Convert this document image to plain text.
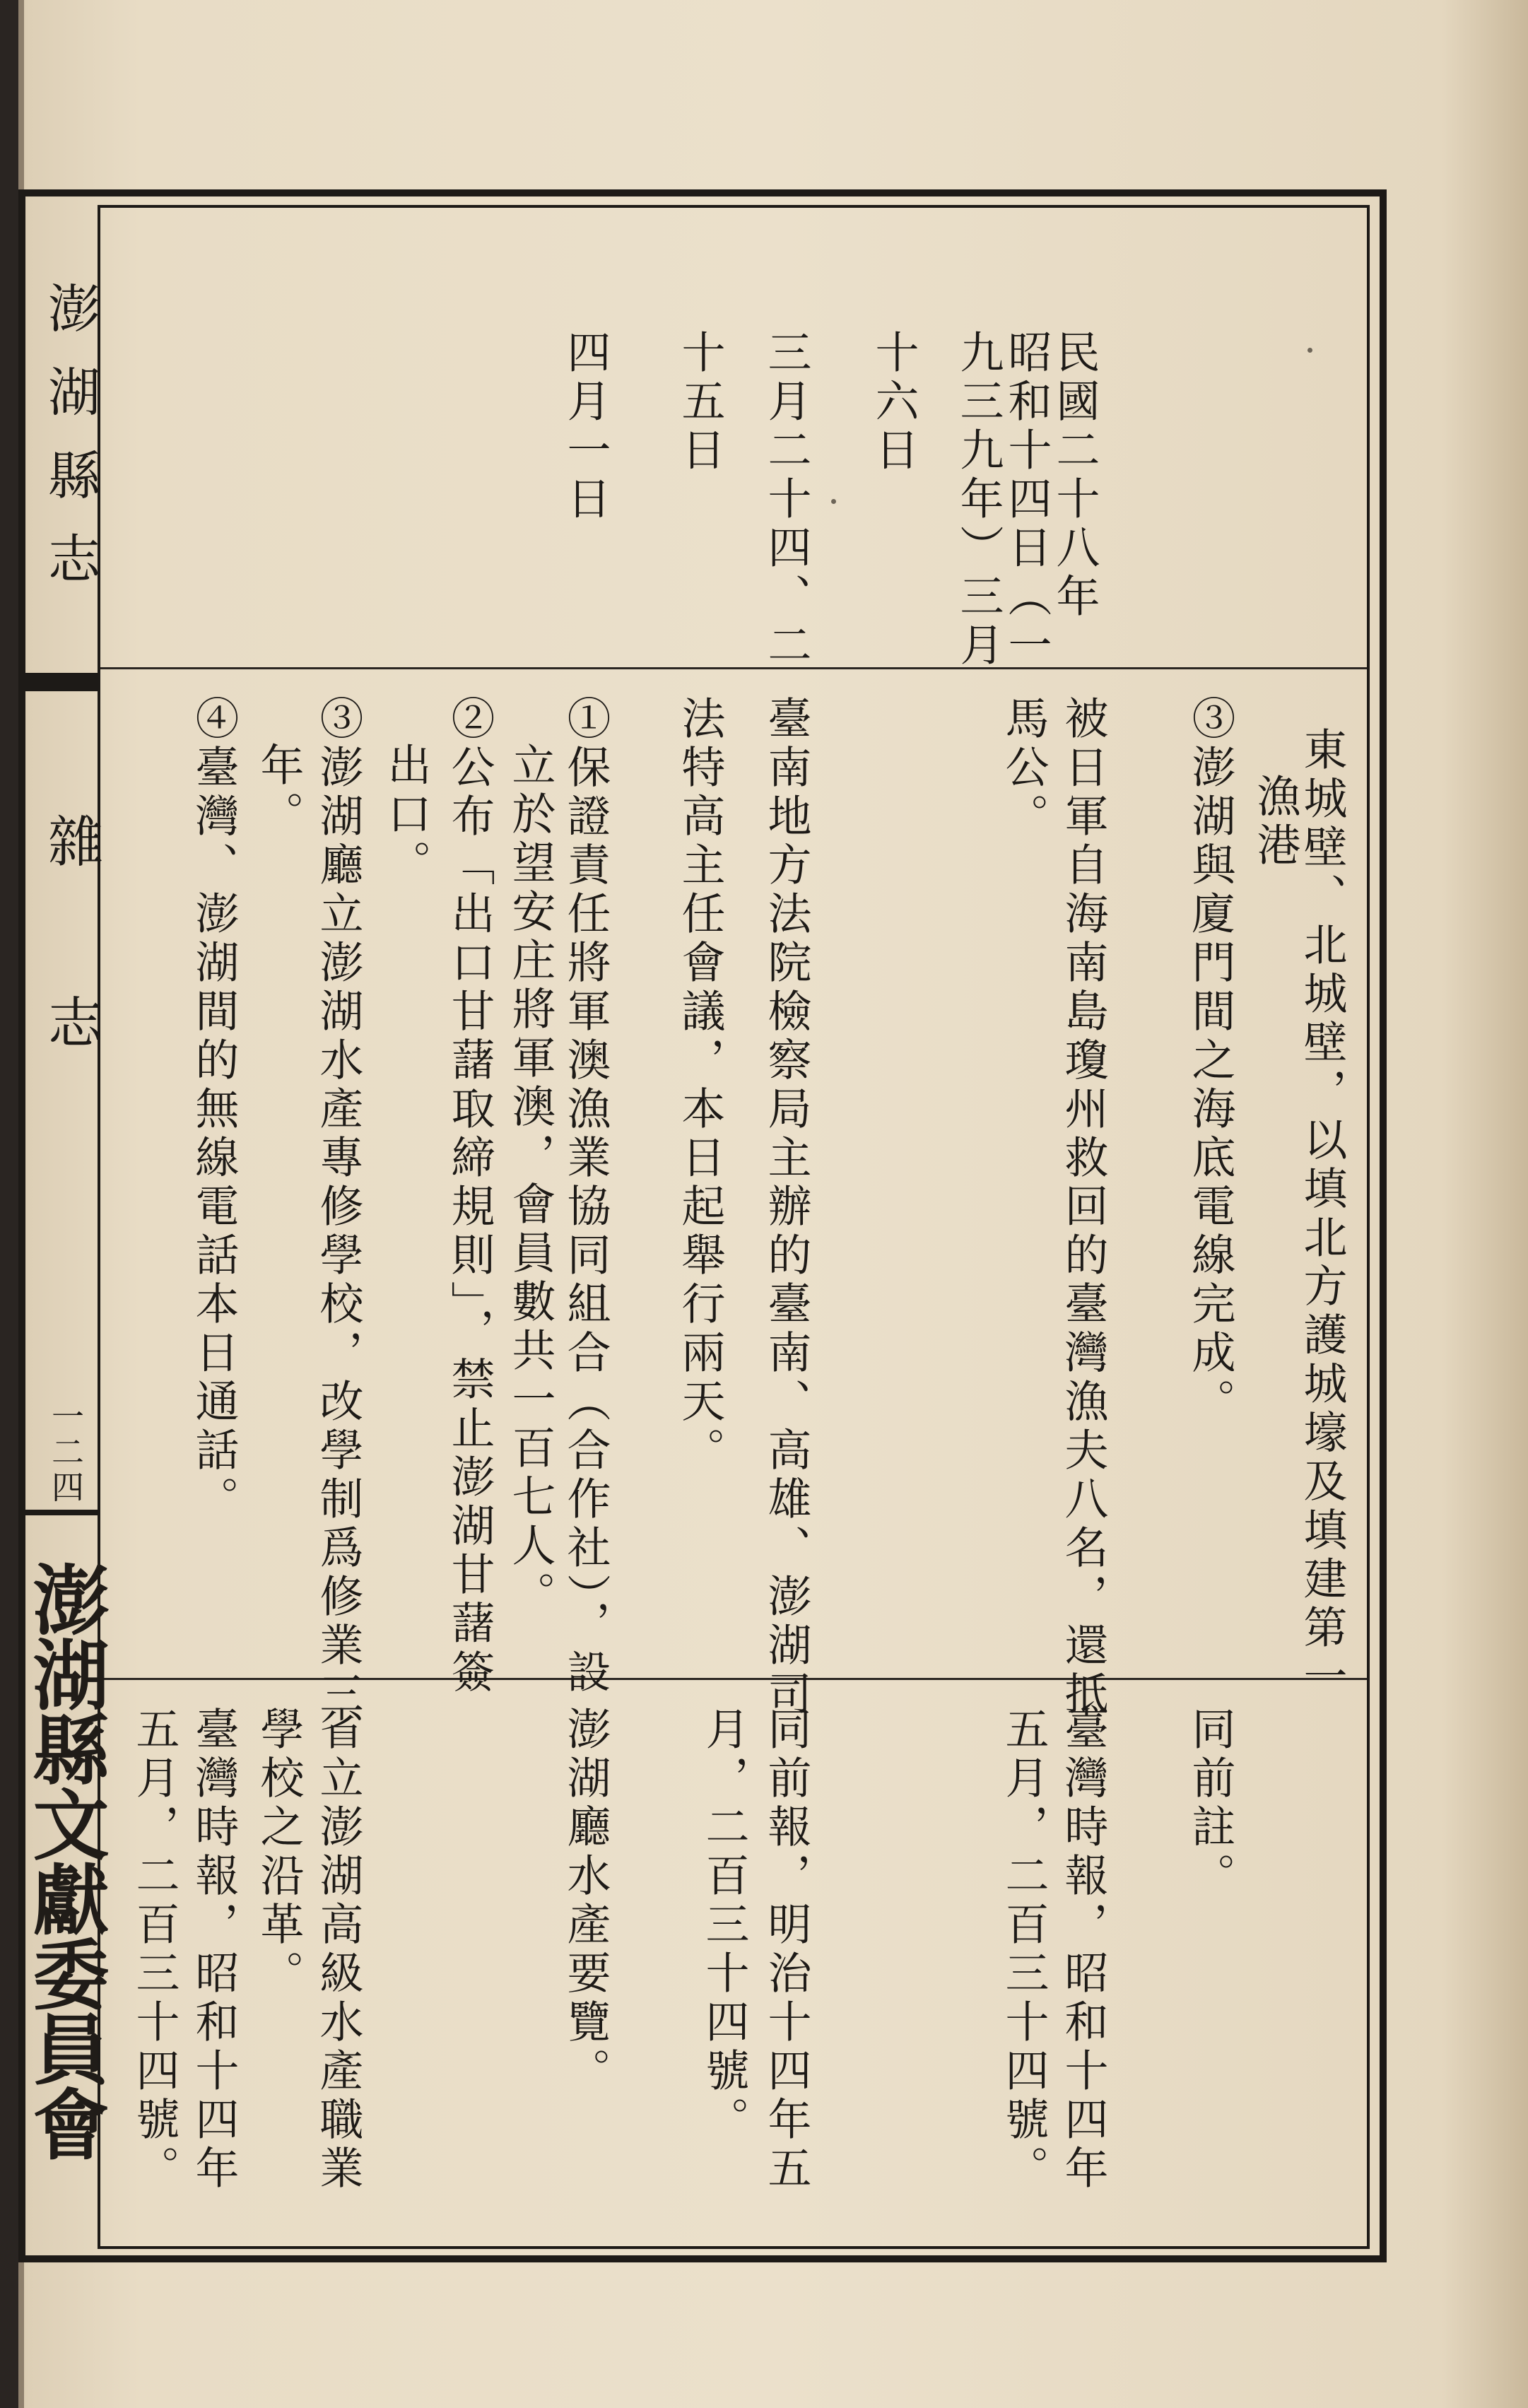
澎湖縣志
雜
志
一二四
澎湖縣文獻委員會
民國二十八年
昭和十四日（一
九三九年）三月
十六日
三月二十四、二
十五日
四月一日
東城壁、北城壁，以填北方護城壕及填建第一
漁港
③澎湖與廈門間之海底電線完成。
被日軍自海南島瓊州救回的臺灣漁夫八名，還抵
馬公。
臺南地方法院檢察局主辦的臺南、高雄、澎湖司
法特高主任會議，本日起舉行兩天。
①保證責任將軍澳漁業協同組合（合作社），設
立於望安庄將軍澳，會員數共一百七人。
②公布「出口甘藷取締規則」，禁止澎湖甘藷簽
出口。
③澎湖廳立澎湖水產專修學校，改學制爲修業三
年。
④臺灣、澎湖間的無線電話本日通話。
同前註。
臺灣時報，昭和十四年
五月，二百三十四號。
同前報，明治十四年五
月，二百三十四號。
澎湖廳水產要覽。
省立澎湖高級水產職業
學校之沿革。
臺灣時報，昭和十四年
五月，二百三十四號。
